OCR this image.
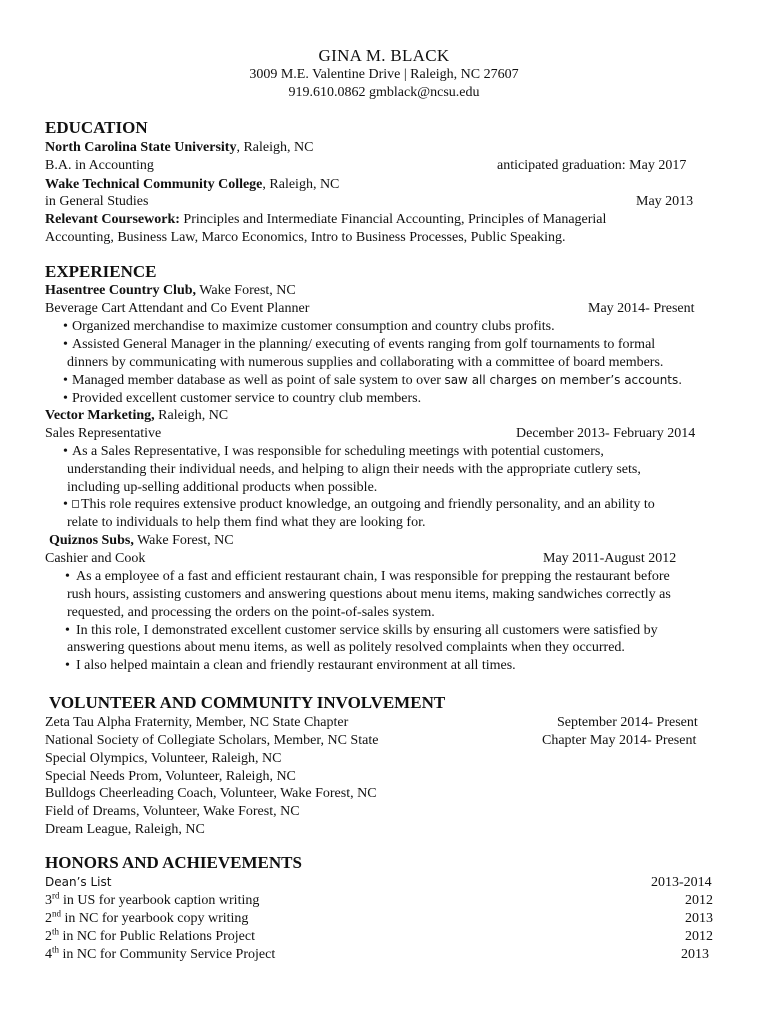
GINA M. BLACK
3009 M.E. Valentine Drive | Raleigh, NC 27607
919.610.0862 gmblack@ncsu.edu
EDUCATION
North Carolina State University, Raleigh, NC
B.A. in Accounting	anticipated graduation: May 2017
Wake Technical Community College, Raleigh, NC
in General Studies	May 2013
Relevant Coursework: Principles and Intermediate Financial Accounting, Principles of Managerial
Accounting, Business Law, Marco Economics, Intro to Business Processes, Public Speaking.
EXPERIENCE
Hasentree Country Club, Wake Forest, NC
Beverage Cart Attendant and Co Event Planner	May 2014- Present
• Organized merchandise to maximize customer consumption and country clubs profits.
• Assisted General Manager in the planning/ executing of events ranging from golf tournaments to formal
dinners by communicating with numerous supplies and collaborating with a committee of board members.
• Managed member database as well as point of sale system to over saw all charges on member’s accounts.
• Provided excellent customer service to country club members.
Vector Marketing, Raleigh, NC
Sales Representative	December 2013- February 2014
• As a Sales Representative, I was responsible for scheduling meetings with potential customers,
understanding their individual needs, and helping to align their needs with the appropriate cutlery sets,
including up-selling additional products when possible.
• This role requires extensive product knowledge, an outgoing and friendly personality, and an ability to
relate to individuals to help them find what they are looking for.
Quiznos Subs, Wake Forest, NC
Cashier and Cook	May 2011-August 2012
• As a employee of a fast and efficient restaurant chain, I was responsible for prepping the restaurant before
rush hours, assisting customers and answering questions about menu items, making sandwiches correctly as
requested, and processing the orders on the point-of-sales system.
• In this role, I demonstrated excellent customer service skills by ensuring all customers were satisfied by
answering questions about menu items, as well as politely resolved complaints when they occurred.
• I also helped maintain a clean and friendly restaurant environment at all times.
VOLUNTEER AND COMMUNITY INVOLVEMENT
Zeta Tau Alpha Fraternity, Member, NC State Chapter	September 2014- Present
National Society of Collegiate Scholars, Member, NC State	Chapter May 2014- Present
Special Olympics, Volunteer, Raleigh, NC
Special Needs Prom, Volunteer, Raleigh, NC
Bulldogs Cheerleading Coach, Volunteer, Wake Forest, NC
Field of Dreams, Volunteer, Wake Forest, NC
Dream League, Raleigh, NC
HONORS AND ACHIEVEMENTS
Dean’s List	2013-2014
3rd in US for yearbook caption writing	2012
2nd in NC for yearbook copy writing	2013
2th in NC for Public Relations Project	2012
4th in NC for Community Service Project	2013
